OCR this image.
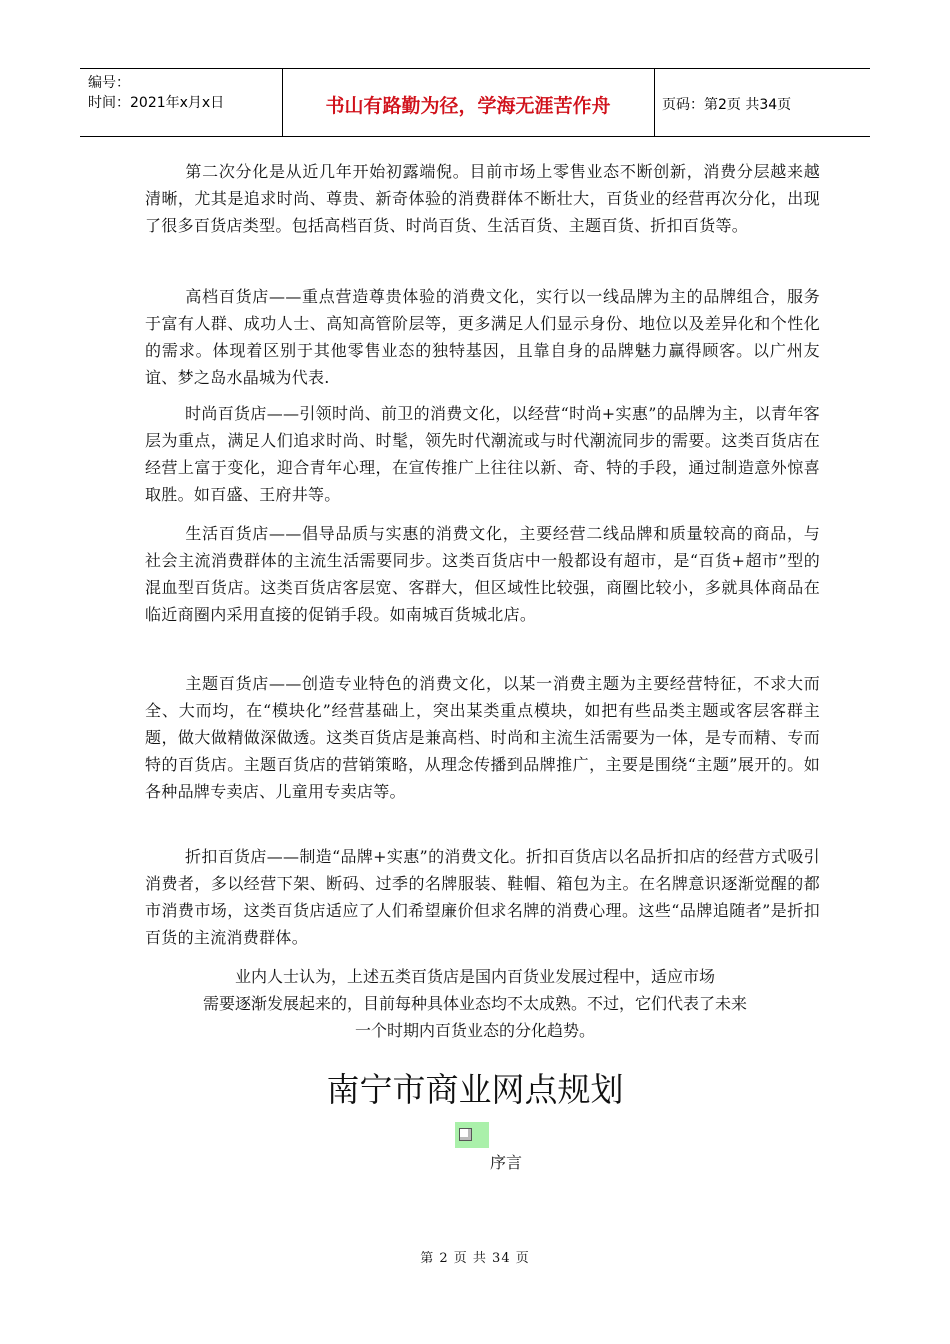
编号：
时间：2021年x月x日	书山有路勤为径，学海无涯苦作舟	页码：第2页 共34页

第二次分化是从近几年开始初露端倪。目前市场上零售业态不断创新，消费分层越来越清晰，尤其是追求时尚、尊贵、新奇体验的消费群体不断壮大，百货业的经营再次分化，出现了很多百货店类型。包括高档百货、时尚百货、生活百货、主题百货、折扣百货等。

高档百货店——重点营造尊贵体验的消费文化，实行以一线品牌为主的品牌组合，服务于富有人群、成功人士、高知高管阶层等，更多满足人们显示身份、地位以及差异化和个性化的需求。体现着区别于其他零售业态的独特基因，且靠自身的品牌魅力赢得顾客。以广州友谊、梦之岛水晶城为代表.

时尚百货店——引领时尚、前卫的消费文化，以经营“时尚+实惠”的品牌为主，以青年客层为重点，满足人们追求时尚、时髦，领先时代潮流或与时代潮流同步的需要。这类百货店在经营上富于变化，迎合青年心理，在宣传推广上往往以新、奇、特的手段，通过制造意外惊喜取胜。如百盛、王府井等。

生活百货店——倡导品质与实惠的消费文化，主要经营二线品牌和质量较高的商品，与社会主流消费群体的主流生活需要同步。这类百货店中一般都设有超市，是“百货+超市”型的混血型百货店。这类百货店客层宽、客群大，但区域性比较强，商圈比较小，多就具体商品在临近商圈内采用直接的促销手段。如南城百货城北店。

主题百货店——创造专业特色的消费文化，以某一消费主题为主要经营特征，不求大而全、大而均，在“模块化”经营基础上，突出某类重点模块，如把有些品类主题或客层客群主题，做大做精做深做透。这类百货店是兼高档、时尚和主流生活需要为一体，是专而精、专而特的百货店。主题百货店的营销策略，从理念传播到品牌推广，主要是围绕“主题”展开的。如各种品牌专卖店、儿童用专卖店等。

折扣百货店——制造“品牌+实惠”的消费文化。折扣百货店以名品折扣店的经营方式吸引消费者，多以经营下架、断码、过季的名牌服装、鞋帽、箱包为主。在名牌意识逐渐觉醒的都市消费市场，这类百货店适应了人们希望廉价但求名牌的消费心理。这些“品牌追随者”是折扣百货的主流消费群体。

业内人士认为，上述五类百货店是国内百货业发展过程中，适应市场
需要逐渐发展起来的，目前每种具体业态均不太成熟。不过，它们代表了未来
一个时期内百货业态的分化趋势。
南宁市商业网点规划
序言
第 2 页 共 34 页
